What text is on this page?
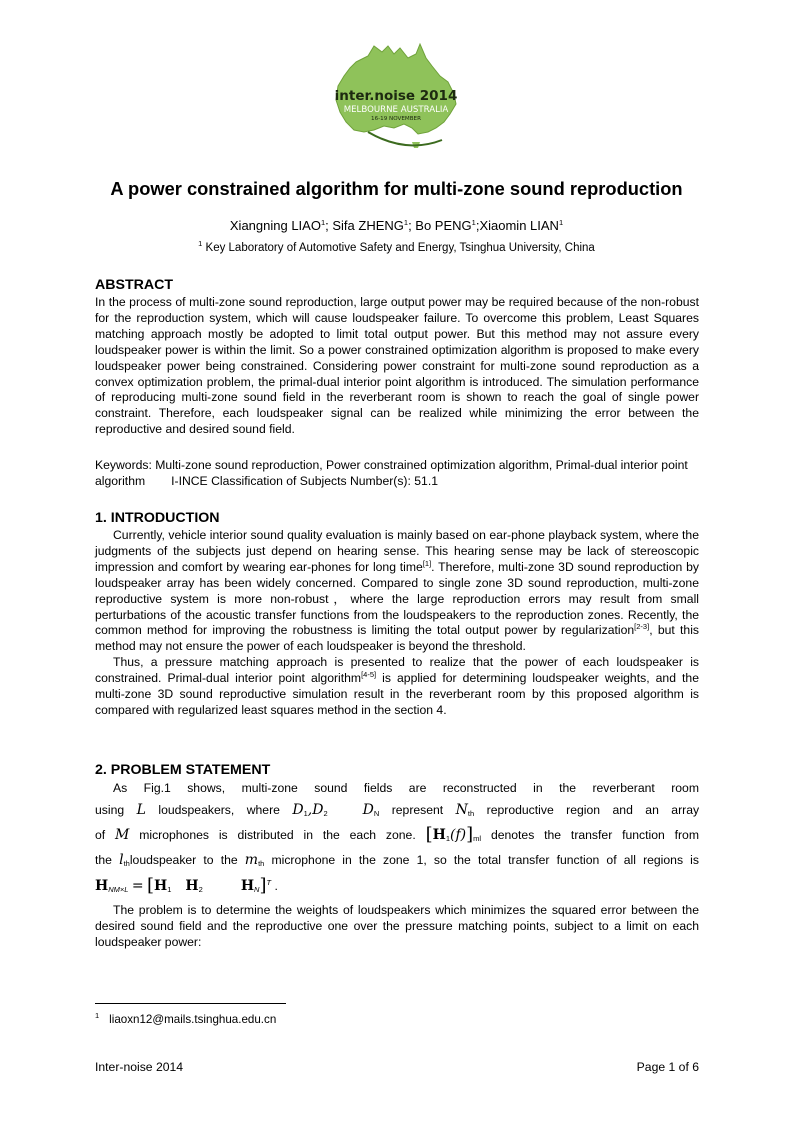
inter.noise 2014
MELBOURNE AUSTRALIA
16-19 NOVEMBER
A power constrained algorithm for multi-zone sound reproduction
Xiangning LIAO$^1$; Sifa ZHENG$^1$; Bo PENG$^1$;Xiaomin LIAN$^1$
$^1$ Key Laboratory of Automotive Safety and Energy, Tsinghua University, China
ABSTRACT

In the process of multi-zone sound reproduction, large output power may be required because of the non-robust for the reproduction system, which will cause loudspeaker failure. To overcome this problem, Least Squares matching approach mostly be adopted to limit total output power. But this method may not assure every loudspeaker power is within the limit. So a power constrained optimization algorithm is proposed to make every loudspeaker power being constrained. Considering power constraint for multi-zone sound reproduction as a convex optimization problem, the primal-dual interior point algorithm is introduced. The simulation performance of reproducing multi-zone sound field in the reverberant room is shown to reach the goal of single power constraint. Therefore, each loudspeaker signal can be realized while minimizing the error between the reproductive and desired sound field.

Keywords: Multi-zone sound reproduction, Power constrained optimization algorithm, Primal-dual interior point algorithm I-INCE Classification of Subjects Number(s): 51.1

1. INTRODUCTION

Currently, vehicle interior sound quality evaluation is mainly based on ear-phone playback system, where the judgments of the subjects just depend on hearing sense. This hearing sense may be lack of stereoscopic impression and comfort by wearing ear-phones for long time[1]. Therefore, multi-zone 3D sound reproduction by loudspeaker array has been widely concerned. Compared to single zone 3D sound reproduction, multi-zone reproductive system is more non-robust，where the large reproduction errors may result from small perturbations of the acoustic transfer functions from the loudspeakers to the reproduction zones. Recently, the common method for improving the robustness is limiting the total output power by regularization[2-3], but this method may not ensure the power of each loudspeaker is beyond the threshold.

Thus, a pressure matching approach is presented to realize that the power of each loudspeaker is constrained. Primal-dual interior point algorithm[4-5] is applied for determining loudspeaker weights, and the multi-zone 3D sound reproductive simulation result in the reverberant room by this proposed algorithm is compared with regularized least squares method in the section 4.

2. PROBLEM STATEMENT

As Fig.1 shows, multi-zone sound fields are reconstructed in the reverberant room

using L loudspeakers, where $D_1,D_2$ $D_N$ represent $N_{th}$ reproductive region and an array
of M microphones is distributed in the each zone. $[H_1(f)]_{ml}$ denotes the transfer function from
the $l_{th}loudspeaker$ to the $m_{th}$ microphone in the zone 1, so the total transfer function of all regions is
$H_{NM\times L} = [H_1$ $H_2$	$H_N]^T$ .

The problem is to determine the weights of loudspeakers which minimizes the squared error between the desired sound field and the reproductive one over the pressure matching points, subject to a limit on each loudspeaker power:

$^1$ liaoxn12@mails.tsinghua.edu.cn
Inter-noise 2014	Page 1 of 6
